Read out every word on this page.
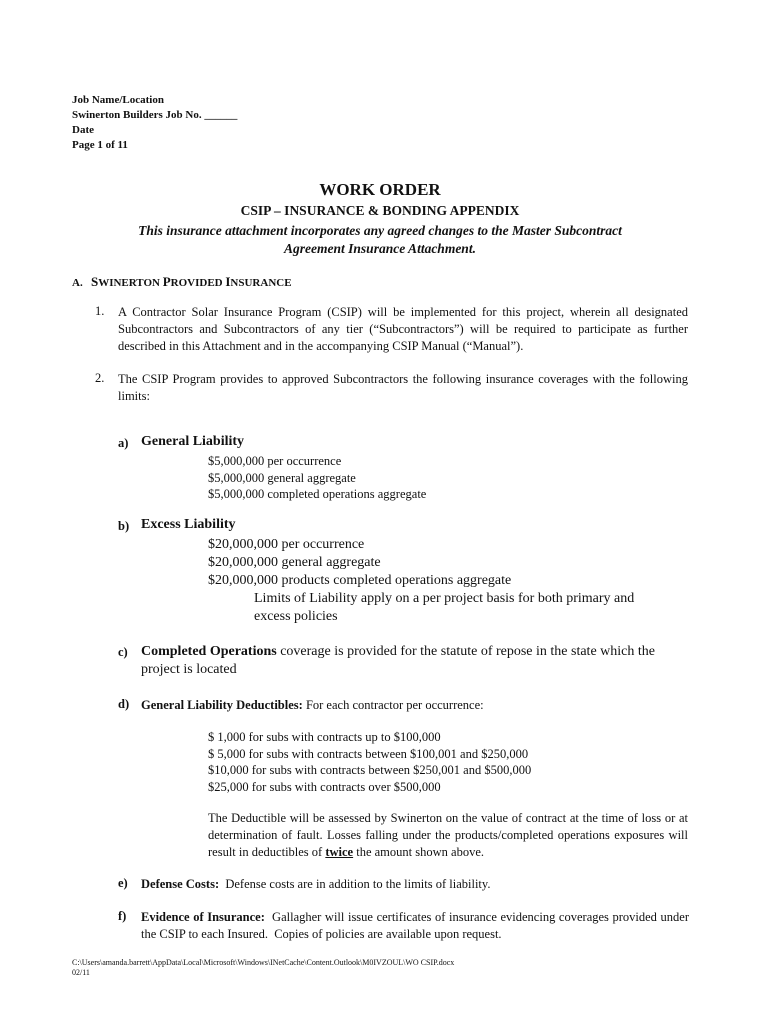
Job Name/Location
Swinerton Builders Job No. ______
Date
Page 1 of 11
WORK ORDER
CSIP – INSURANCE & BONDING APPENDIX
This insurance attachment incorporates any agreed changes to the Master Subcontract
Agreement Insurance Attachment.
A. SWINERTON PROVIDED INSURANCE
1. A Contractor Solar Insurance Program (CSIP) will be implemented for this project, wherein all designated Subcontractors and Subcontractors of any tier (“Subcontractors”) will be required to participate as further described in this Attachment and in the accompanying CSIP Manual (“Manual”).
2. The CSIP Program provides to approved Subcontractors the following insurance coverages with the following limits:
a) General Liability
$5,000,000 per occurrence
$5,000,000 general aggregate
$5,000,000 completed operations aggregate
b) Excess Liability
$20,000,000 per occurrence
$20,000,000 general aggregate
$20,000,000 products completed operations aggregate
Limits of Liability apply on a per project basis for both primary and
excess policies
c) Completed Operations coverage is provided for the statute of repose in the state which the project is located
d) General Liability Deductibles: For each contractor per occurrence:
$ 1,000 for subs with contracts up to $100,000
$ 5,000 for subs with contracts between $100,001 and $250,000
$10,000 for subs with contracts between $250,001 and $500,000
$25,000 for subs with contracts over $500,000
The Deductible will be assessed by Swinerton on the value of contract at the time of loss or at determination of fault. Losses falling under the products/completed operations exposures will result in deductibles of twice the amount shown above.
e) Defense Costs:  Defense costs are in addition to the limits of liability.
f) Evidence of Insurance:  Gallagher will issue certificates of insurance evidencing coverages provided under the CSIP to each Insured.  Copies of policies are available upon request.
C:\Users\amanda.barrett\AppData\Local\Microsoft\Windows\INetCache\Content.Outlook\M0IVZOUL\WO CSIP.docx
02/11
